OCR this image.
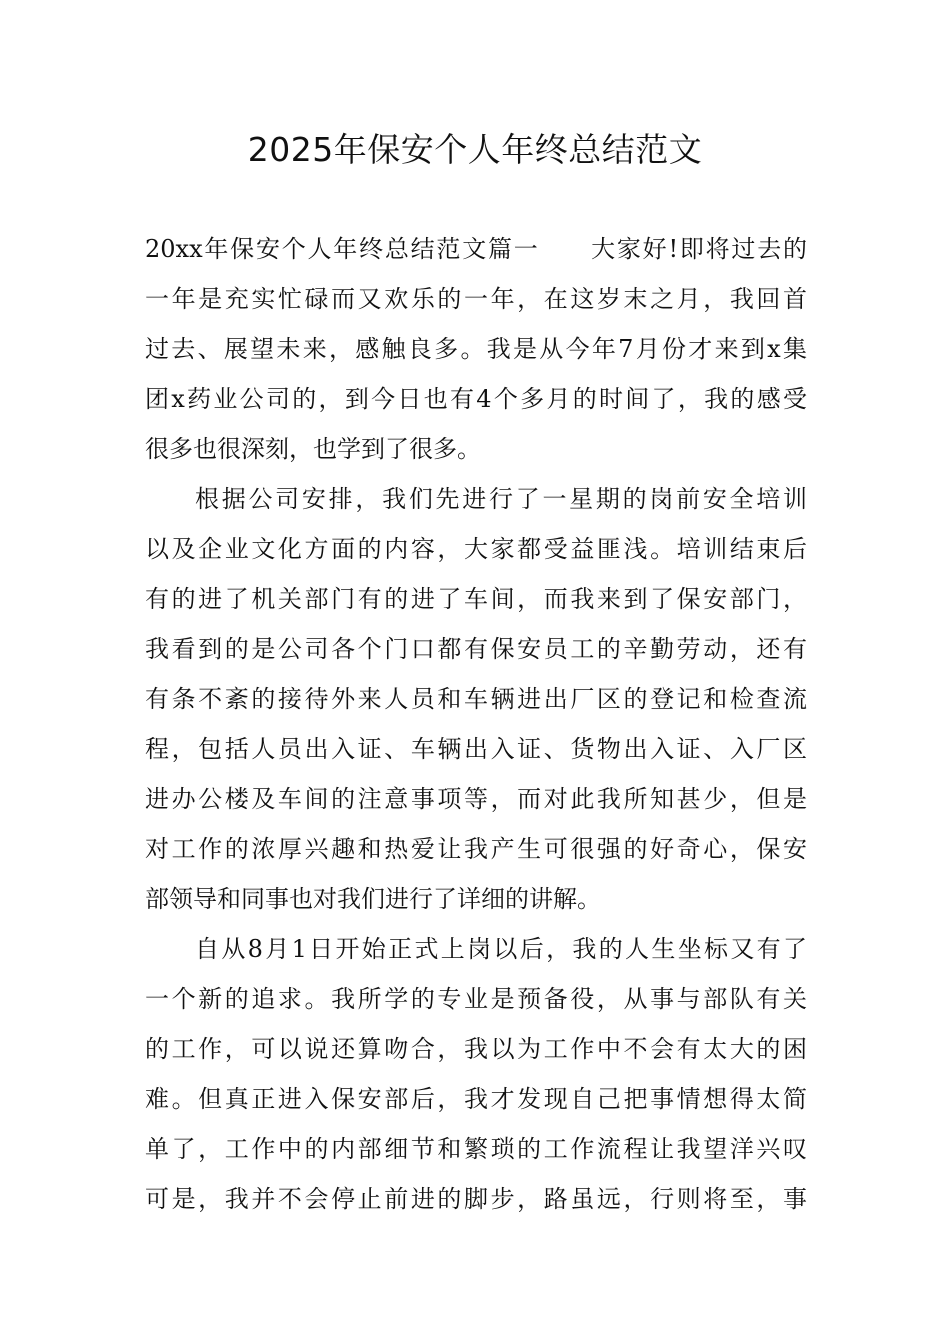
2025年保安个人年终总结范文
20xx年保安个人年终总结范文篇一　　大家好!即将过去的
一年是充实忙碌而又欢乐的一年，在这岁末之月，我回首
过去、展望未来，感触良多。我是从今年7月份才来到x集
团x药业公司的，到今日也有4个多月的时间了，我的感受
很多也很深刻，也学到了很多。
根据公司安排，我们先进行了一星期的岗前安全培训
以及企业文化方面的内容，大家都受益匪浅。培训结束后
有的进了机关部门有的进了车间，而我来到了保安部门，
我看到的是公司各个门口都有保安员工的辛勤劳动，还有
有条不紊的接待外来人员和车辆进出厂区的登记和检查流
程，包括人员出入证、车辆出入证、货物出入证、入厂区
进办公楼及车间的注意事项等，而对此我所知甚少，但是
对工作的浓厚兴趣和热爱让我产生可很强的好奇心，保安
部领导和同事也对我们进行了详细的讲解。
自从8月1日开始正式上岗以后，我的人生坐标又有了
一个新的追求。我所学的专业是预备役，从事与部队有关
的工作，可以说还算吻合，我以为工作中不会有太大的困
难。但真正进入保安部后，我才发现自己把事情想得太简
单了，工作中的内部细节和繁琐的工作流程让我望洋兴叹
可是，我并不会停止前进的脚步，路虽远，行则将至，事
